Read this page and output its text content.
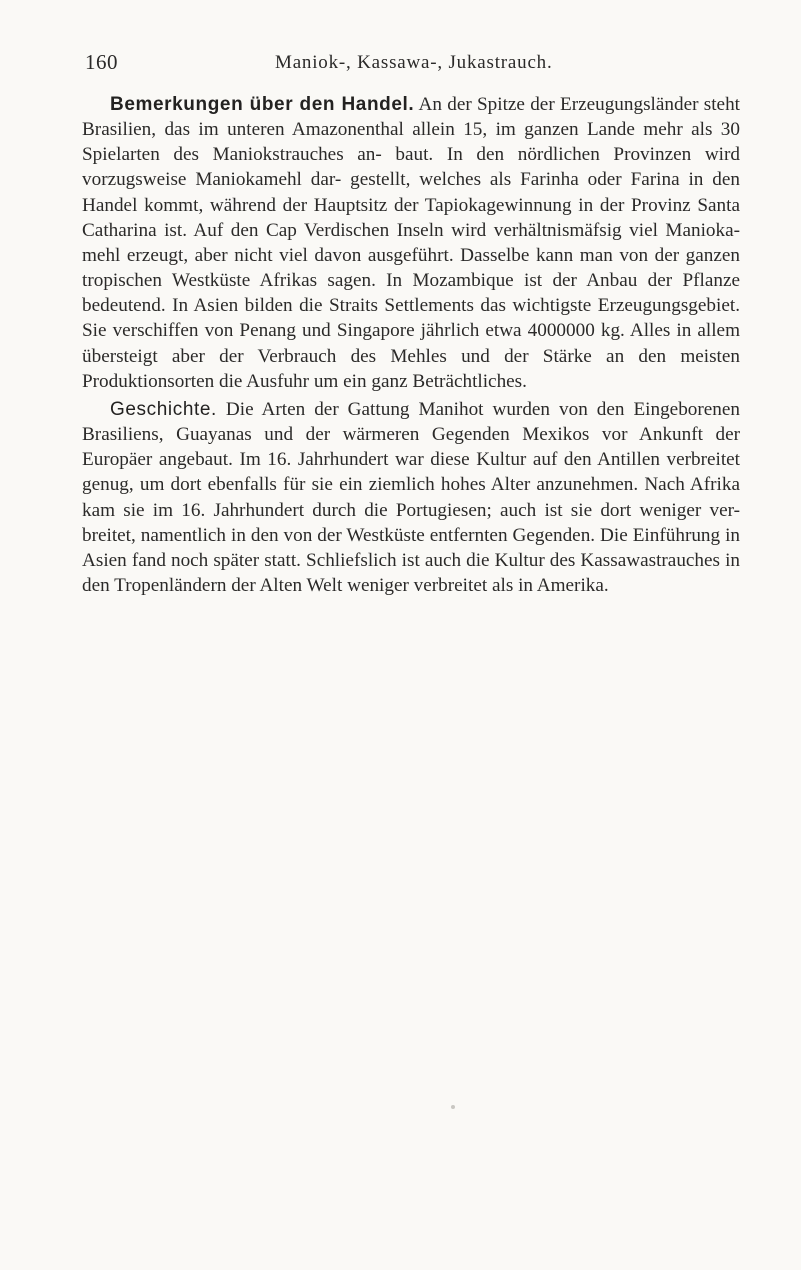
160	Maniok-, Kassawa-, Jukastrauch.

Bemerkungen über den Handel. An der Spitze der Erzeugungsländer steht Brasilien, das im unteren Amazonenthal allein 15, im ganzen Lande mehr als 30 Spielarten des Maniokstrauches an- baut. In den nördlichen Provinzen wird vorzugsweise Maniokamehl dar- gestellt, welches als Farinha oder Farina in den Handel kommt, während der Hauptsitz der Tapiokagewinnung in der Provinz Santa Catharina ist. Auf den Cap Verdischen Inseln wird verhältnismäfsig viel Manioka- mehl erzeugt, aber nicht viel davon ausgeführt. Dasselbe kann man von der ganzen tropischen Westküste Afrikas sagen. In Mozambique ist der Anbau der Pflanze bedeutend. In Asien bilden die Straits Settlements das wichtigste Erzeugungsgebiet. Sie verschiffen von Penang und Singapore jährlich etwa 4000000 kg. Alles in allem übersteigt aber der Verbrauch des Mehles und der Stärke an den meisten Produktionsorten die Ausfuhr um ein ganz Beträchtliches.

Geschichte. Die Arten der Gattung Manihot wurden von den Eingeborenen Brasiliens, Guayanas und der wärmeren Gegenden Mexikos vor Ankunft der Europäer angebaut. Im 16. Jahrhundert war diese Kultur auf den Antillen verbreitet genug, um dort ebenfalls für sie ein ziemlich hohes Alter anzunehmen. Nach Afrika kam sie im 16. Jahrhundert durch die Portugiesen; auch ist sie dort weniger ver- breitet, namentlich in den von der Westküste entfernten Gegenden. Die Einführung in Asien fand noch später statt. Schliefslich ist auch die Kultur des Kassawastrauches in den Tropenländern der Alten Welt weniger verbreitet als in Amerika.
